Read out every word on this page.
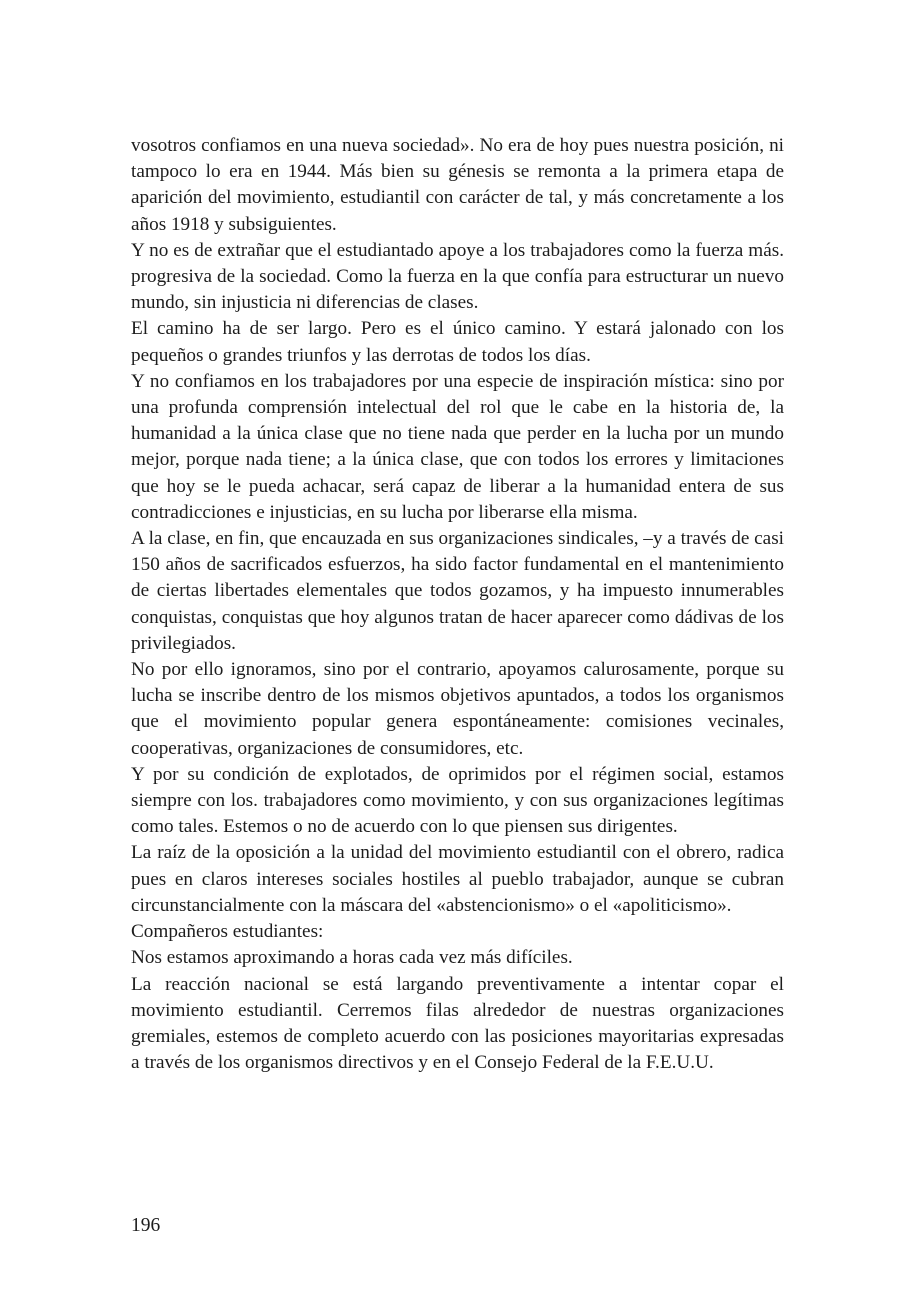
vosotros confiamos en una nueva sociedad». No era de hoy pues nuestra posición, ni tampoco lo era en 1944. Más bien su génesis se remonta a la primera etapa de aparición del movimiento, estudiantil con carácter de tal, y más concretamente a los años 1918 y subsiguientes.

Y no es de extrañar que el estudiantado apoye a los trabajadores como la fuerza más. progresiva de la sociedad. Como la fuerza en la que confía para estructurar un nuevo mundo, sin injusticia ni diferencias de clases.

El camino ha de ser largo. Pero es el único camino. Y estará jalonado con los pequeños o grandes triunfos y las derrotas de todos los días.

Y no confiamos en los trabajadores por una especie de inspiración mística: sino por una profunda comprensión intelectual del rol que le cabe en la historia de, la humanidad a la única clase que no tiene nada que perder en la lucha por un mundo mejor, porque nada tiene; a la única clase, que con todos los errores y limitaciones que hoy se le pueda achacar, será capaz de liberar a la humanidad entera de sus contradicciones e injusticias, en su lucha por liberarse ella misma.

A la clase, en fin, que encauzada en sus organizaciones sindicales, –y a través de casi 150 años de sacrificados esfuerzos, ha sido factor fundamental en el mantenimiento de ciertas libertades elementales que todos gozamos, y ha impuesto innumerables conquistas, conquistas que hoy algunos tratan de hacer aparecer como dádivas de los privilegiados.

No por ello ignoramos, sino por el contrario, apoyamos calurosamente, porque su lucha se inscribe dentro de los mismos objetivos apuntados, a todos los organismos que el movimiento popular genera espontáneamente: comisiones vecinales, cooperativas, organizaciones de consumidores, etc.

Y por su condición de explotados, de oprimidos por el régimen social, estamos siempre con los. trabajadores como movimiento, y con sus organizaciones legítimas como tales. Estemos o no de acuerdo con lo que piensen sus dirigentes.

La raíz de la oposición a la unidad del movimiento estudiantil con el obrero, radica pues en claros intereses sociales hostiles al pueblo trabajador, aunque se cubran circunstancialmente con la máscara del «abstencionismo» o el «apoliticismo».

Compañeros estudiantes:

Nos estamos aproximando a horas cada vez más difíciles.

La reacción nacional se está largando preventivamente a intentar copar el movimiento estudiantil. Cerremos filas alrededor de nuestras organizaciones gremiales, estemos de completo acuerdo con las posiciones mayoritarias expresadas a través de los organismos directivos y en el Consejo Federal de la F.E.U.U.

196
